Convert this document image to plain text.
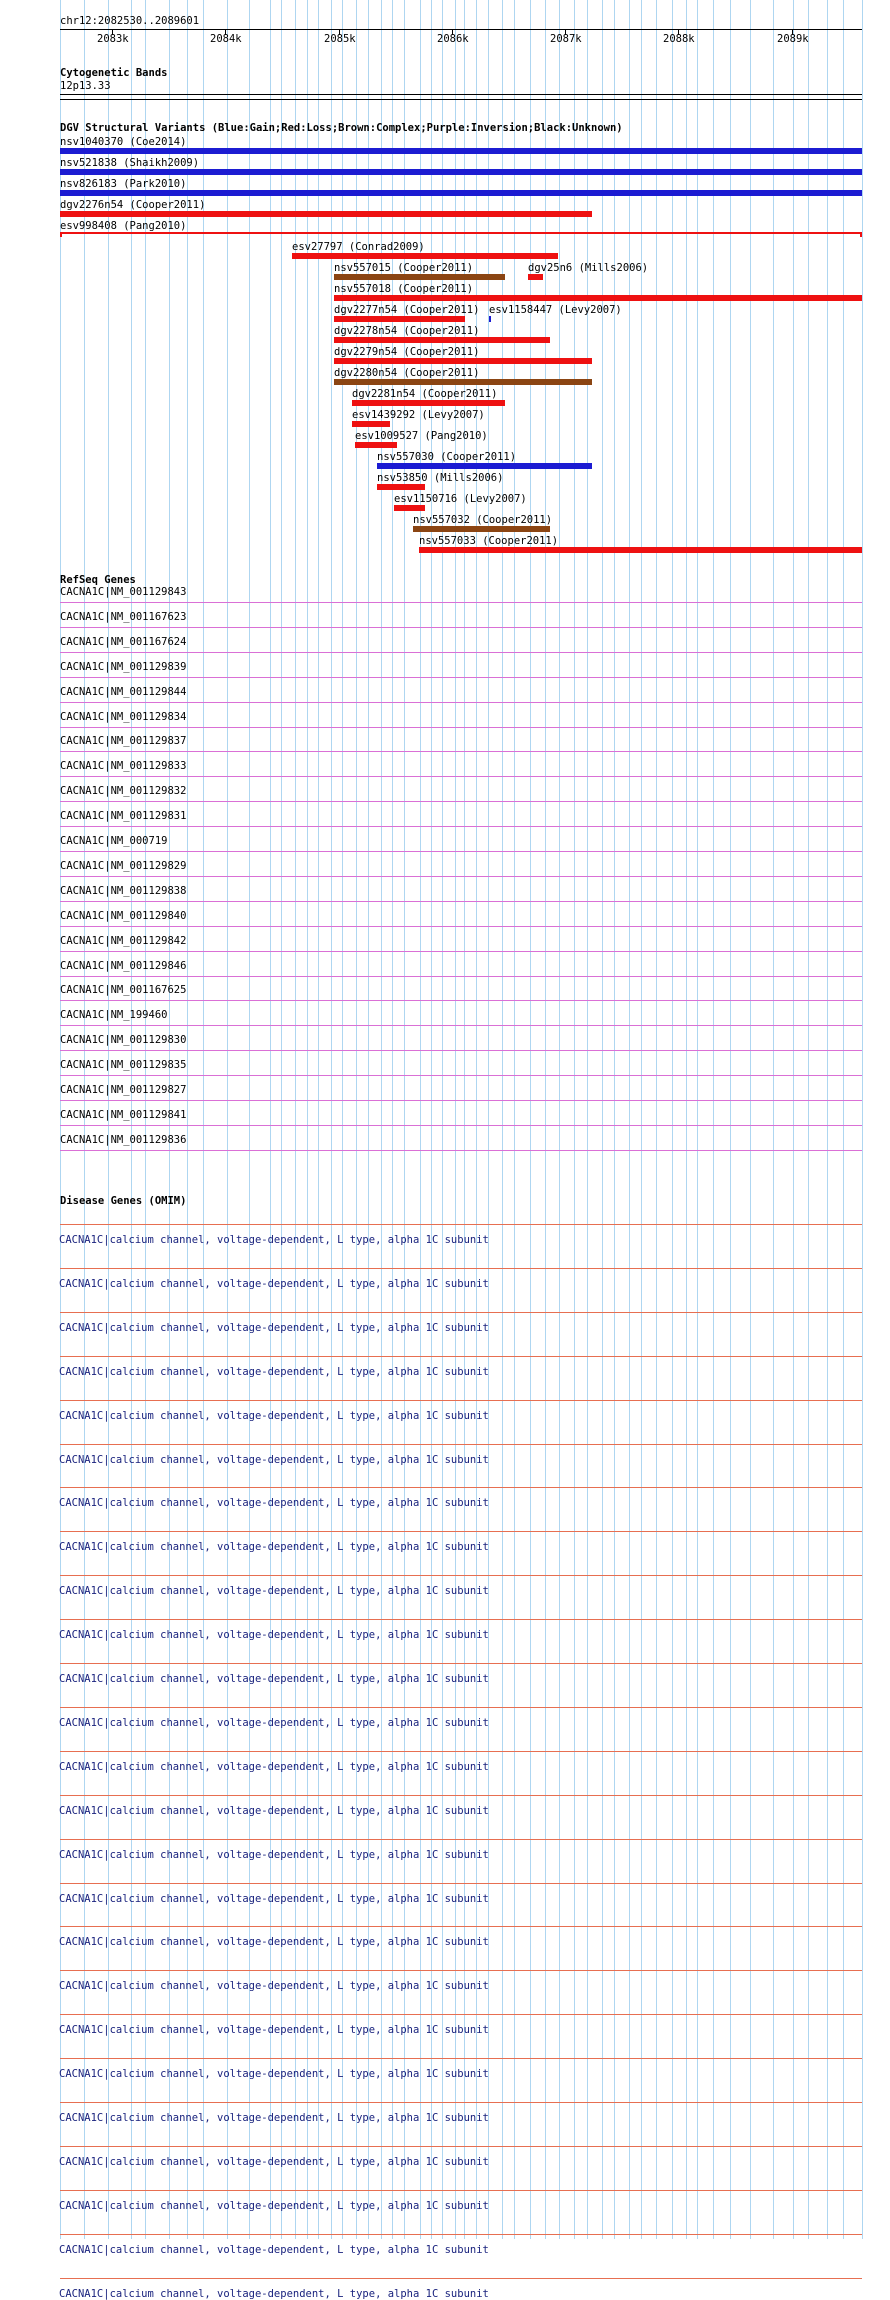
chr12:2082530..2089601
2083k	2084k	2085k	2086k	2087k	2088k	2089k
Cytogenetic Bands
12p13.33
DGV Structural Variants (Blue:Gain;Red:Loss;Brown:Complex;Purple:Inversion;Black:Unknown)
nsv1040370 (Coe2014)
nsv521838 (Shaikh2009)
nsv826183 (Park2010)
dgv2276n54 (Cooper2011)
esv998408 (Pang2010)
esv27797 (Conrad2009)
nsv557015 (Cooper2011)	dgv25n6 (Mills2006)
nsv557018 (Cooper2011)
dgv2277n54 (Cooper2011) esv1158447 (Levy2007)
dgv2278n54 (Cooper2011)
dgv2279n54 (Cooper2011)
dgv2280n54 (Cooper2011)
dgv2281n54 (Cooper2011)
esv1439292 (Levy2007)
esv1009527 (Pang2010)
nsv557030 (Cooper2011)
nsv53850 (Mills2006)
esv1150716 (Levy2007)
nsv557032 (Cooper2011)
nsv557033 (Cooper2011)
RefSeq Genes
CACNA1C|NM_001129843
CACNA1C|NM_001167623
CACNA1C|NM_001167624
CACNA1C|NM_001129839
CACNA1C|NM_001129844
CACNA1C|NM_001129834
CACNA1C|NM_001129837
CACNA1C|NM_001129833
CACNA1C|NM_001129832
CACNA1C|NM_001129831
CACNA1C|NM_000719
CACNA1C|NM_001129829
CACNA1C|NM_001129838
CACNA1C|NM_001129840
CACNA1C|NM_001129842
CACNA1C|NM_001129846
CACNA1C|NM_001167625
CACNA1C|NM_199460
CACNA1C|NM_001129830
CACNA1C|NM_001129835
CACNA1C|NM_001129827
CACNA1C|NM_001129841
CACNA1C|NM_001129836
Disease Genes (OMIM)
CACNA1C|calcium channel, voltage-dependent, L type, alpha 1C subunit
CACNA1C|calcium channel, voltage-dependent, L type, alpha 1C subunit
CACNA1C|calcium channel, voltage-dependent, L type, alpha 1C subunit
CACNA1C|calcium channel, voltage-dependent, L type, alpha 1C subunit
CACNA1C|calcium channel, voltage-dependent, L type, alpha 1C subunit
CACNA1C|calcium channel, voltage-dependent, L type, alpha 1C subunit
CACNA1C|calcium channel, voltage-dependent, L type, alpha 1C subunit
CACNA1C|calcium channel, voltage-dependent, L type, alpha 1C subunit
CACNA1C|calcium channel, voltage-dependent, L type, alpha 1C subunit
CACNA1C|calcium channel, voltage-dependent, L type, alpha 1C subunit
CACNA1C|calcium channel, voltage-dependent, L type, alpha 1C subunit
CACNA1C|calcium channel, voltage-dependent, L type, alpha 1C subunit
CACNA1C|calcium channel, voltage-dependent, L type, alpha 1C subunit
CACNA1C|calcium channel, voltage-dependent, L type, alpha 1C subunit
CACNA1C|calcium channel, voltage-dependent, L type, alpha 1C subunit
CACNA1C|calcium channel, voltage-dependent, L type, alpha 1C subunit
CACNA1C|calcium channel, voltage-dependent, L type, alpha 1C subunit
CACNA1C|calcium channel, voltage-dependent, L type, alpha 1C subunit
CACNA1C|calcium channel, voltage-dependent, L type, alpha 1C subunit
CACNA1C|calcium channel, voltage-dependent, L type, alpha 1C subunit
CACNA1C|calcium channel, voltage-dependent, L type, alpha 1C subunit
CACNA1C|calcium channel, voltage-dependent, L type, alpha 1C subunit
CACNA1C|calcium channel, voltage-dependent, L type, alpha 1C subunit
CACNA1C|calcium channel, voltage-dependent, L type, alpha 1C subunit
CACNA1C|calcium channel, voltage-dependent, L type, alpha 1C subunit
